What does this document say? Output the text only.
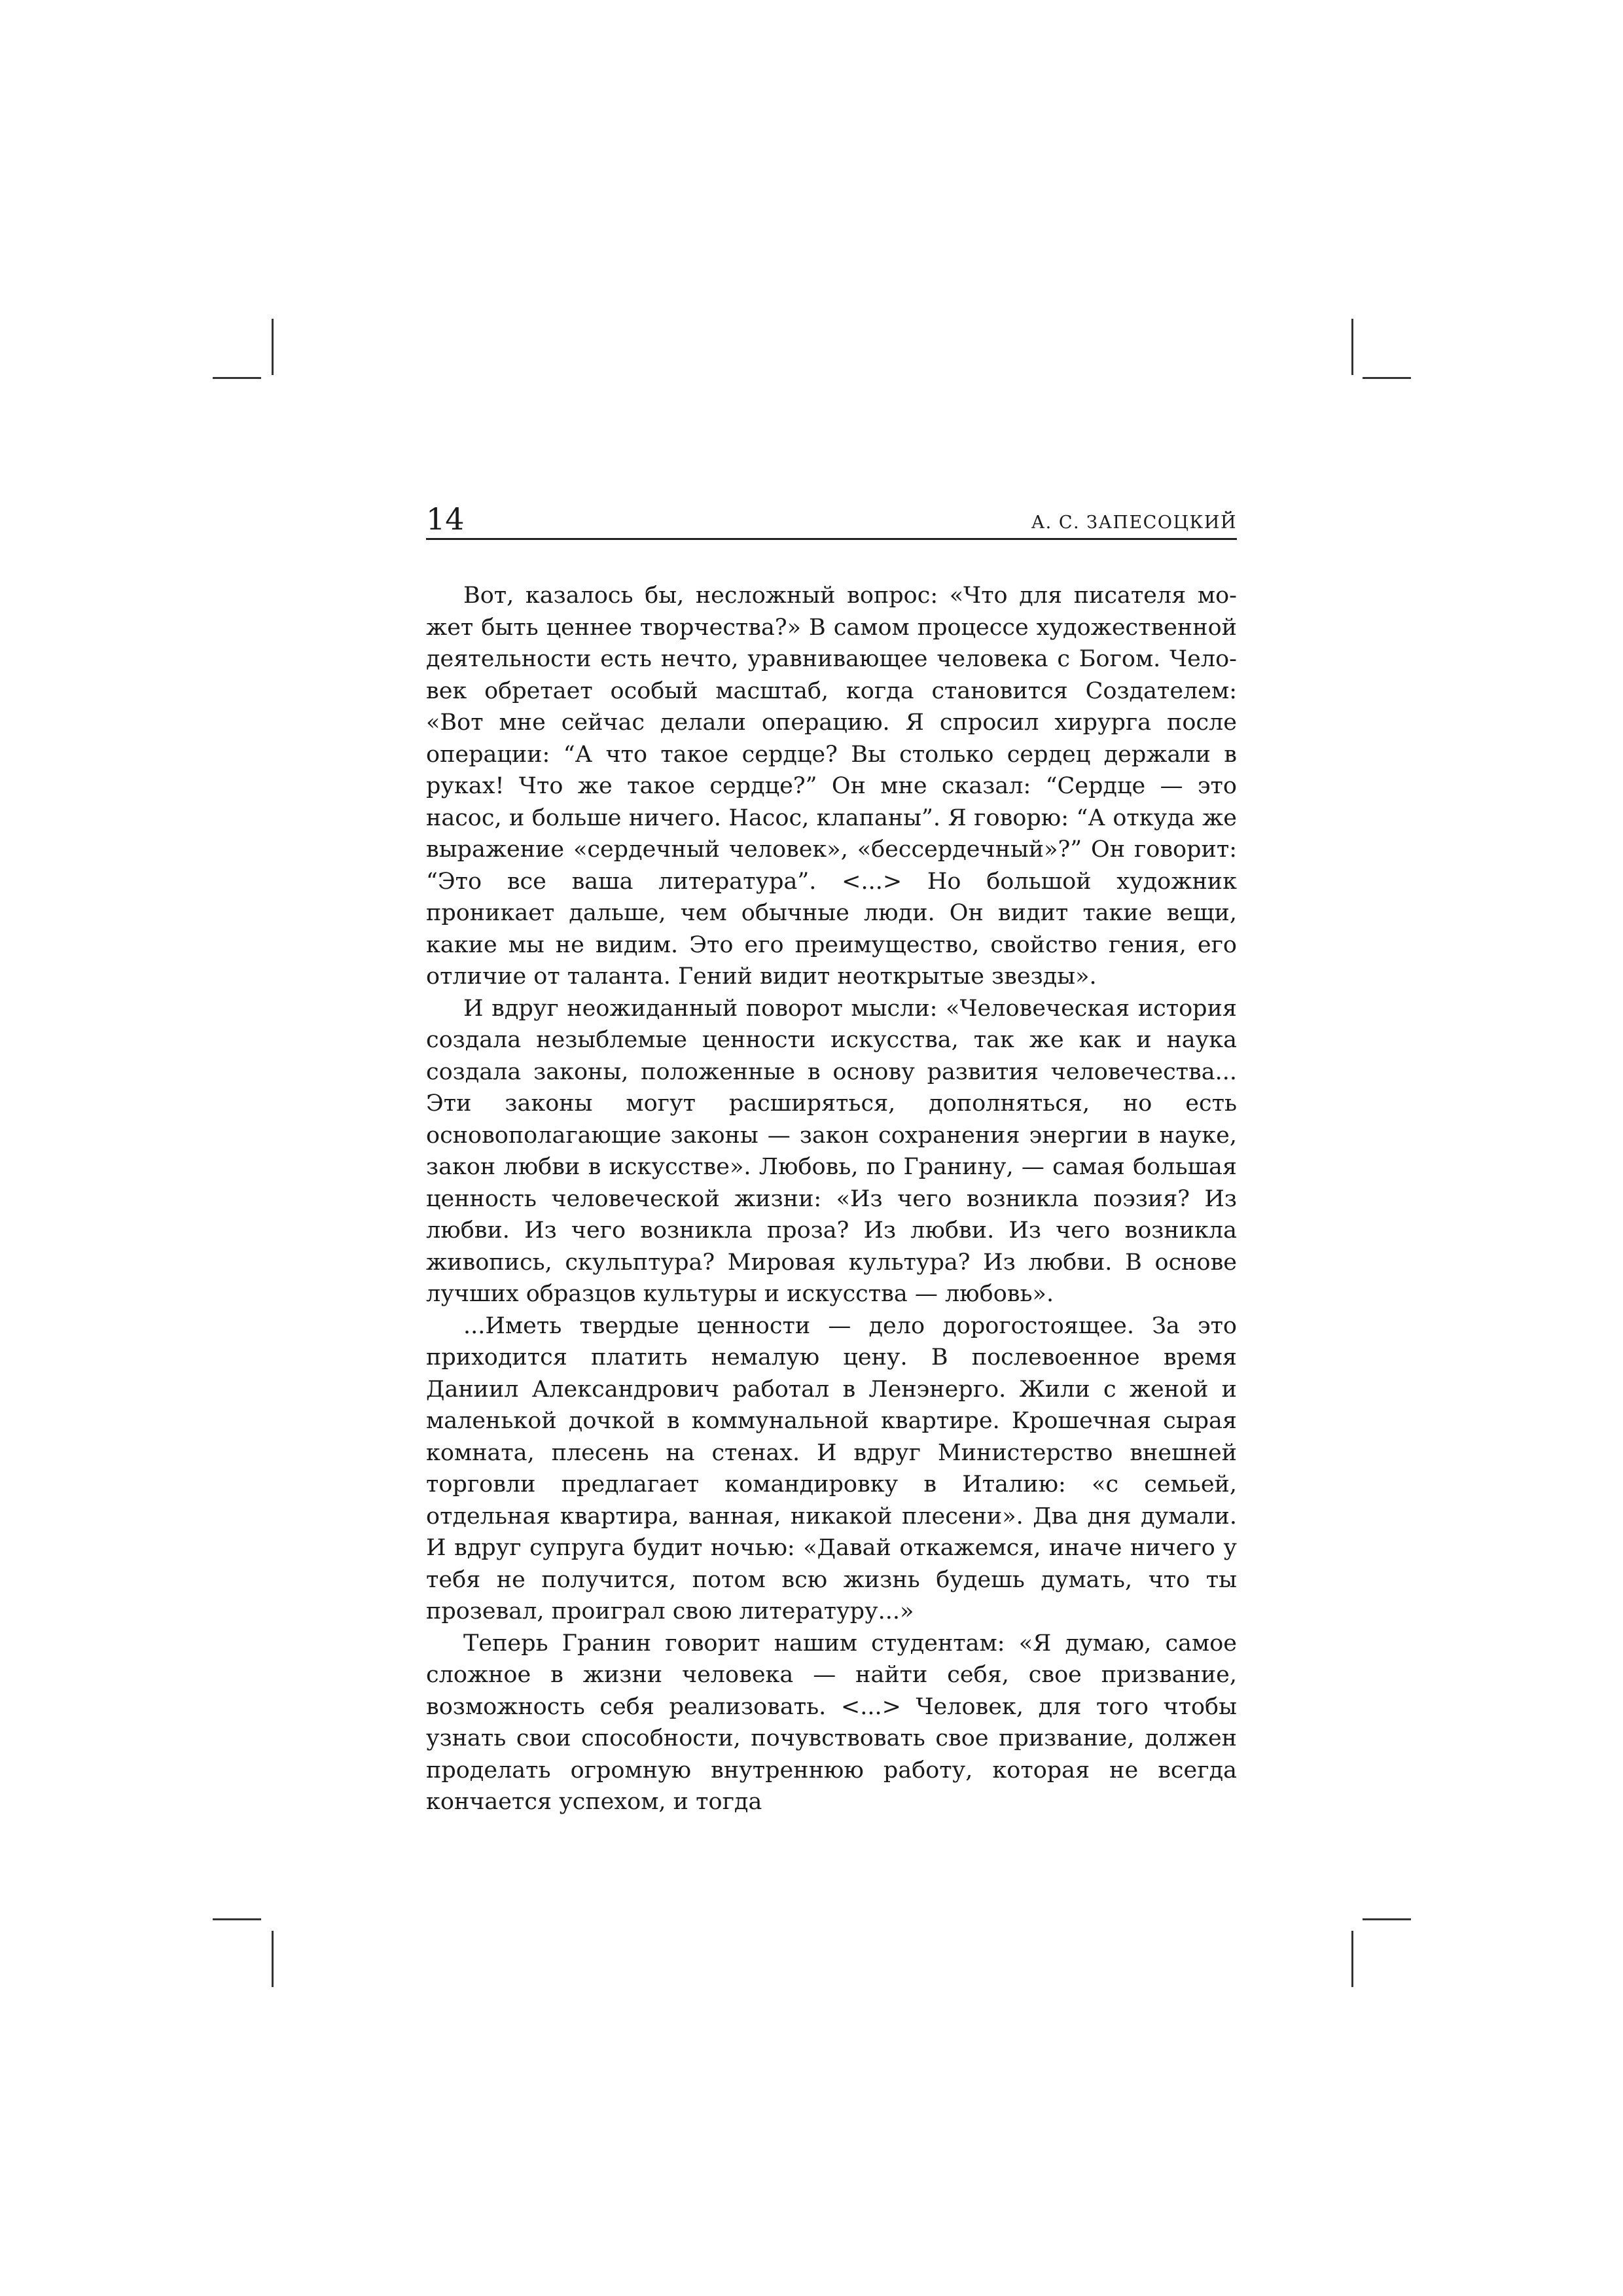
14	А. С. ЗАПЕСОЦКИЙ

Вот, казалось бы, несложный вопрос: «Что для писателя может быть ценнее творчества?» В самом процессе художественной деятельности есть нечто, уравнивающее человека с Богом. Человек обретает особый масштаб, когда становится Создателем: «Вот мне сейчас делали операцию. Я спросил хирурга после операции: “А что такое сердце? Вы столько сердец держали в руках! Что же такое сердце?” Он мне сказал: “Сердце — это насос, и больше ничего. Насос, клапаны”. Я говорю: “А откуда же выражение «сердечный человек», «бессердечный»?” Он говорит: “Это все ваша литература”. <...> Но большой художник проникает дальше, чем обычные люди. Он видит такие вещи, какие мы не видим. Это его преимущество, свойство гения, его отличие от таланта. Гений видит неоткрытые звезды».

И вдруг неожиданный поворот мысли: «Человеческая история создала незыблемые ценности искусства, так же как и наука создала законы, положенные в основу развития человечества... Эти законы могут расширяться, дополняться, но есть основополагающие законы — закон сохранения энергии в науке, закон любви в искусстве». Любовь, по Гранину, — самая большая ценность человеческой жизни: «Из чего возникла поэзия? Из любви. Из чего возникла проза? Из любви. Из чего возникла живопись, скульптура? Мировая культура? Из любви. В основе лучших образцов культуры и искусства — любовь».

...Иметь твердые ценности — дело дорогостоящее. За это приходится платить немалую цену. В послевоенное время Даниил Александрович работал в Ленэнерго. Жили с женой и маленькой дочкой в коммунальной квартире. Крошечная сырая комната, плесень на стенах. И вдруг Министерство внешней торговли предлагает командировку в Италию: «с семьей, отдельная квартира, ванная, никакой плесени». Два дня думали. И вдруг супруга будит ночью: «Давай откажемся, иначе ничего у тебя не получится, потом всю жизнь будешь думать, что ты прозевал, проиграл свою литературу...»

Теперь Гранин говорит нашим студентам: «Я думаю, самое сложное в жизни человека — найти себя, свое призвание, возможность себя реализовать. <...> Человек, для того чтобы узнать свои способности, почувствовать свое призвание, должен проделать огромную внутреннюю работу, которая не всегда кончается успехом, и тогда
